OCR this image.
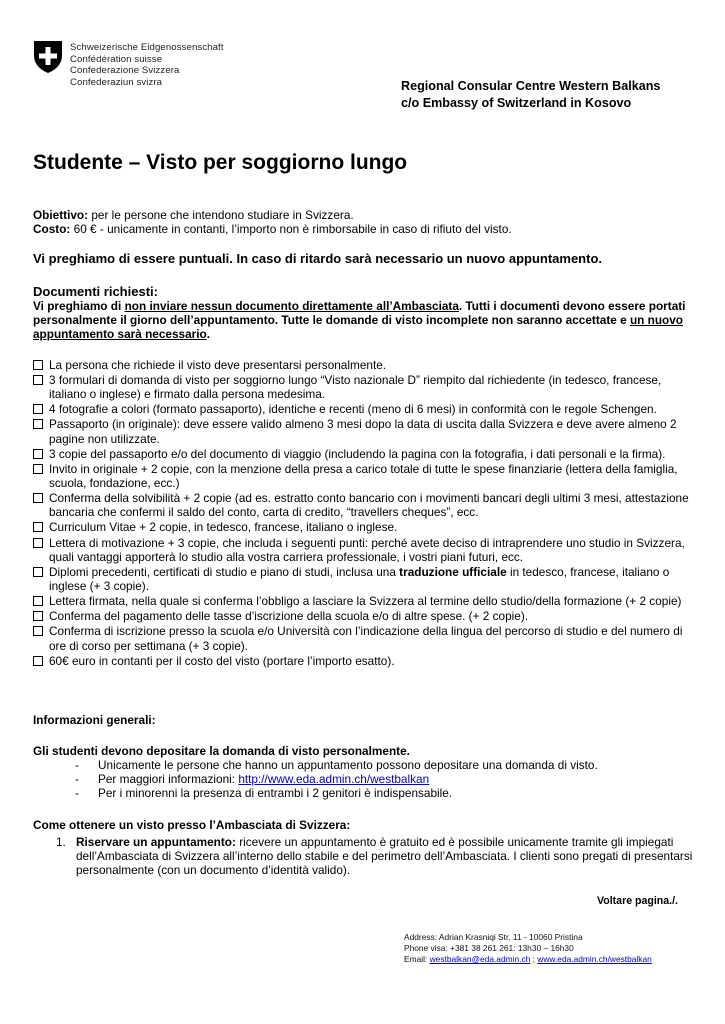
Schweizerische Eidgenossenschaft
Confédération suisse
Confederazione Svizzera
Confederaziun svizra	Regional Consular Centre Western Balkans
c/o Embassy of Switzerland in Kosovo
Studente – Visto per soggiorno lungo
Obiettivo: per le persone che intendono studiare in Svizzera.
Costo: 60 € - unicamente in contanti, l’importo non è rimborsabile in caso di rifiuto del visto.
Vi preghiamo di essere puntuali. In caso di ritardo sarà necessario un nuovo appuntamento.
Documenti richiesti:
Vi preghiamo di non inviare nessun documento direttamente all’Ambasciata. Tutti i documenti devono essere portati personalmente il giorno dell’appuntamento. Tutte le domande di visto incomplete non saranno accettate e un nuovo appuntamento sarà necessario.
La persona che richiede il visto deve presentarsi personalmente.
3 formulari di domanda di visto per soggiorno lungo “Visto nazionale D” riempito dal richiedente (in tedesco, francese, italiano o inglese) e firmato dalla persona medesima.
4 fotografie a colori (formato passaporto), identiche e recenti (meno di 6 mesi) in conformità con le regole Schengen.
Passaporto (in originale): deve essere valido almeno 3 mesi dopo la data di uscita dalla Svizzera e deve avere almeno 2 pagine non utilizzate.
3 copie del passaporto e/o del documento di viaggio (includendo la pagina con la fotografia, i dati personali e la firma).
Invito in originale + 2 copie, con la menzione della presa a carico totale di tutte le spese finanziarie (lettera della famiglia, scuola, fondazione, ecc.)
Conferma della solvibilità + 2 copie (ad es. estratto conto bancario con i movimenti bancari degli ultimi 3 mesi, attestazione bancaria che confermi il saldo del conto, carta di credito, “travellers cheques”, ecc.
Curriculum Vitae + 2 copie, in tedesco, francese, italiano o inglese.
Lettera di motivazione + 3 copie, che includa i seguenti punti: perché avete deciso di intraprendere uno studio in Svizzera, quali vantaggi apporterà lo studio alla vostra carriera professionale, i vostri piani futuri, ecc.
Diplomi precedenti, certificati di studio e piano di studi, inclusa una traduzione ufficiale in tedesco, francese, italiano o inglese (+ 3 copie).
Lettera firmata, nella quale si conferma l’obbligo a lasciare la Svizzera al termine dello studio/della formazione (+ 2 copie)
Conferma del pagamento delle tasse d’iscrizione della scuola e/o di altre spese. (+ 2 copie).
Conferma di iscrizione presso la scuola e/o Università con l’indicazione della lingua del percorso di studio e del numero di ore di corso per settimana (+ 3 copie).
60€ euro in contanti per il costo del visto (portare l’importo esatto).
Informazioni generali:
Gli studenti devono depositare la domanda di visto personalmente.
- Unicamente le persone che hanno un appuntamento possono depositare una domanda di visto.
- Per maggiori informazioni: http://www.eda.admin.ch/westbalkan
- Per i minorenni la presenza di entrambi i 2 genitori è indispensabile.
Come ottenere un visto presso l’Ambasciata di Svizzera:
1. Riservare un appuntamento: ricevere un appuntamento è gratuito ed è possibile unicamente tramite gli impiegati dell’Ambasciata di Svizzera all’interno dello stabile e del perimetro dell’Ambasciata. I clienti sono pregati di presentarsi personalmente (con un documento d’identità valido).
Voltare pagina./.
Address: Adrian Krasniqi Str. 11 - 10060 Pristina
Phone visa: +381 38 261 261: 13h30 – 16h30
Email: westbalkan@eda.admin.ch ; www.eda.admin.ch/westbalkan
